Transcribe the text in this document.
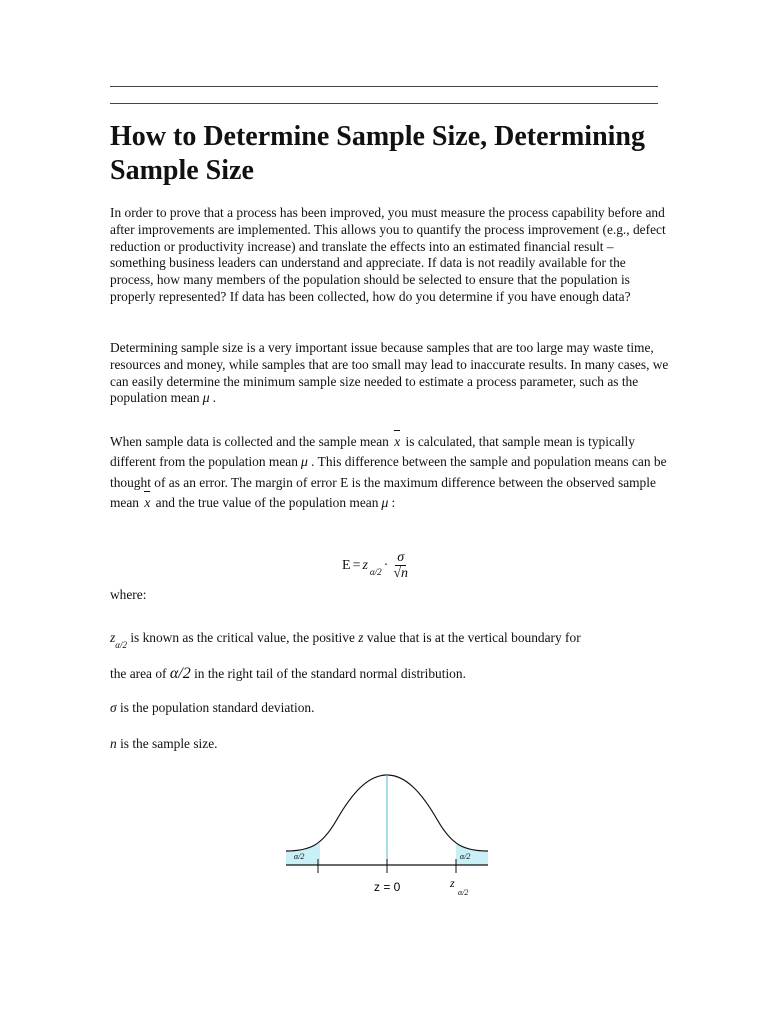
How to Determine Sample Size, Determining Sample Size

In order to prove that a process has been improved, you must measure the process capability before and after improvements are implemented. This allows you to quantify the process improvement (e.g., defect reduction or productivity increase) and translate the effects into an estimated financial result – something business leaders can understand and appreciate. If data is not readily available for the process, how many members of the population should be selected to ensure that the population is properly represented? If data has been collected, how do you determine if you have enough data?

Determining sample size is a very important issue because samples that are too large may waste time, resources and money, while samples that are too small may lead to inaccurate results. In many cases, we can easily determine the minimum sample size needed to estimate a process parameter, such as the population mean μ .

When sample data is collected and the sample mean x is calculated, that sample mean is typically different from the population mean μ . This difference between the sample and population means can be thought of as an error. The margin of error E is the maximum difference between the observed sample mean x and the true value of the population mean μ :

E = z $\alpha/2 \cdot \frac{\sigma}{√n}$

where:

$z_{\alpha/2}$ is known as the critical value, the positive z value that is at the vertical boundary for

the area of α/2 in the right tail of the standard normal distribution.

σ is the population standard deviation.

n is the sample size.

α/2	α/2
z = 0	z
α/2
